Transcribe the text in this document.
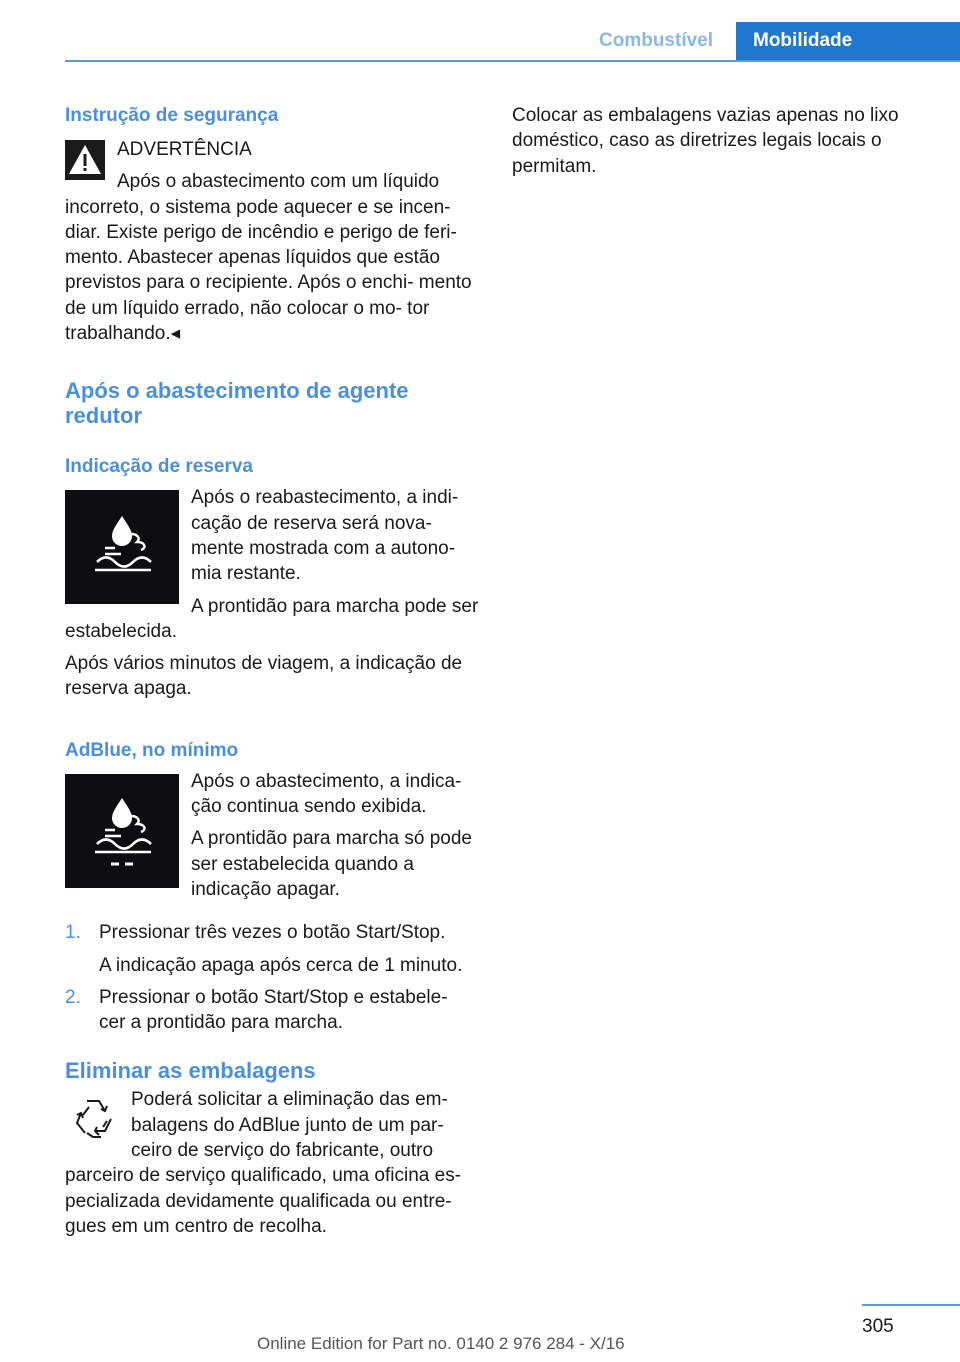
Combustível Mobilidade
Instrução de segurança

ADVERTÊNCIA

Após o abastecimento com um líquido incorreto, o sistema pode aquecer e se incen- diar. Existe perigo de incêndio e perigo de feri- mento. Abastecer apenas líquidos que estão previstos para o recipiente. Após o enchi- mento de um líquido errado, não colocar o mo- tor trabalhando.◂

Após o abastecimento de agente redutor
Indicação de reserva

Após o reabastecimento, a indi- cação de reserva será nova- mente mostrada com a autono- mia restante.

A prontidão para marcha pode ser estabelecida.

Após vários minutos de viagem, a indicação de reserva apaga.

AdBlue, no mínimo

Após o abastecimento, a indica- ção continua sendo exibida.

A prontidão para marcha só pode ser estabelecida quando a indicação apagar.

1. Pressionar três vezes o botão Start/Stop.

A indicação apaga após cerca de 1 minuto.

2. Pressionar o botão Start/Stop e estabele- cer a prontidão para marcha.

Eliminar as embalagens

Poderá solicitar a eliminação das em- balagens do AdBlue junto de um par- ceiro de serviço do fabricante, outro parceiro de serviço qualificado, uma oficina es- pecializada devidamente qualificada ou entre- gues em um centro de recolha.

Colocar as embalagens vazias apenas no lixo doméstico, caso as diretrizes legais locais o permitam.

305
Online Edition for Part no. 0140 2 976 284 - X/16
